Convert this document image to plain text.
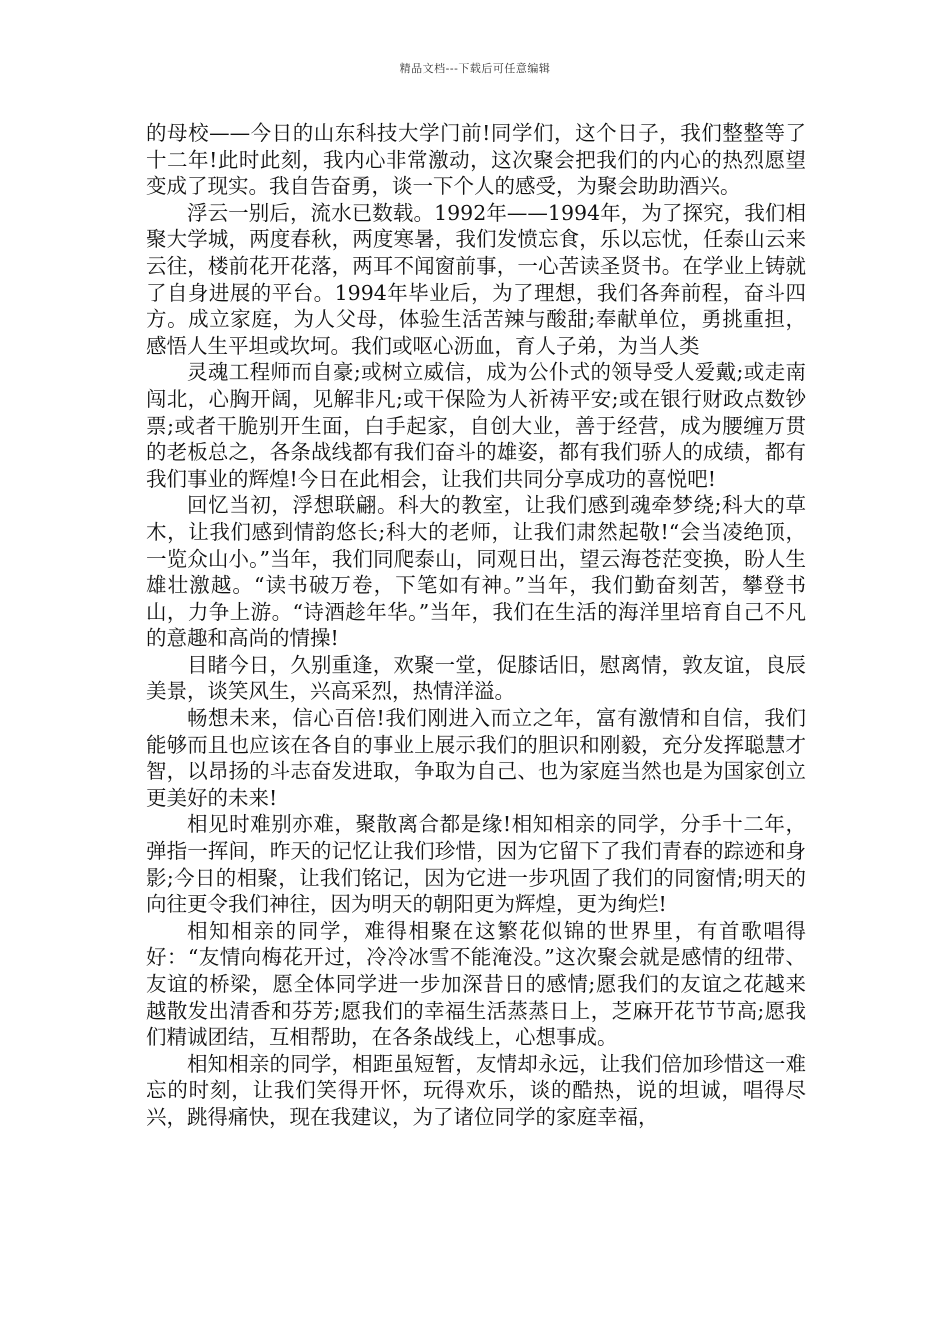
精品文档---下载后可任意编辑

的母校——今日的山东科技大学门前!同学们，这个日子，我们整整等了十二年!此时此刻，我内心非常激动，这次聚会把我们的内心的热烈愿望变成了现实。我自告奋勇，谈一下个人的感受，为聚会助助酒兴。

浮云一别后，流水已数载。1992年——1994年，为了探究，我们相聚大学城，两度春秋，两度寒暑，我们发愤忘食，乐以忘忧，任泰山云来云往，楼前花开花落，两耳不闻窗前事，一心苦读圣贤书。在学业上铸就了自身进展的平台。1994年毕业后，为了理想，我们各奔前程，奋斗四方。成立家庭，为人父母，体验生活苦辣与酸甜;奉献单位，勇挑重担，感悟人生平坦或坎坷。我们或呕心沥血，育人子弟，为当人类

灵魂工程师而自豪;或树立威信，成为公仆式的领导受人爱戴;或走南闯北，心胸开阔，见解非凡;或干保险为人祈祷平安;或在银行财政点数钞票;或者干脆别开生面，白手起家，自创大业，善于经营，成为腰缠万贯的老板总之，各条战线都有我们奋斗的雄姿，都有我们骄人的成绩，都有我们事业的辉煌!今日在此相会，让我们共同分享成功的喜悦吧!

回忆当初，浮想联翩。科大的教室，让我们感到魂牵梦绕;科大的草木，让我们感到情韵悠长;科大的老师，让我们肃然起敬!“会当凌绝顶，一览众山小。”当年，我们同爬泰山，同观日出，望云海苍茫变换，盼人生雄壮激越。“读书破万卷，下笔如有神。”当年，我们勤奋刻苦，攀登书山，力争上游。“诗酒趁年华。”当年，我们在生活的海洋里培育自己不凡的意趣和高尚的情操!

目睹今日，久别重逢，欢聚一堂，促膝话旧，慰离情，敦友谊，良辰美景，谈笑风生，兴高采烈，热情洋溢。

畅想未来，信心百倍!我们刚进入而立之年，富有激情和自信，我们能够而且也应该在各自的事业上展示我们的胆识和刚毅，充分发挥聪慧才智，以昂扬的斗志奋发进取，争取为自己、也为家庭当然也是为国家创立更美好的未来!

相见时难别亦难，聚散离合都是缘!相知相亲的同学，分手十二年，弹指一挥间，昨天的记忆让我们珍惜，因为它留下了我们青春的踪迹和身影;今日的相聚，让我们铭记，因为它进一步巩固了我们的同窗情;明天的向往更令我们神往，因为明天的朝阳更为辉煌，更为绚烂!

相知相亲的同学，难得相聚在这繁花似锦的世界里，有首歌唱得好：“友情向梅花开过，冷冷冰雪不能淹没。”这次聚会就是感情的纽带、友谊的桥梁，愿全体同学进一步加深昔日的感情;愿我们的友谊之花越来越散发出清香和芬芳;愿我们的幸福生活蒸蒸日上，芝麻开花节节高;愿我们精诚团结，互相帮助，在各条战线上，心想事成。

相知相亲的同学，相距虽短暂，友情却永远，让我们倍加珍惜这一难忘的时刻，让我们笑得开怀，玩得欢乐，谈的酷热，说的坦诚，唱得尽兴，跳得痛快，现在我建议，为了诸位同学的家庭幸福，
